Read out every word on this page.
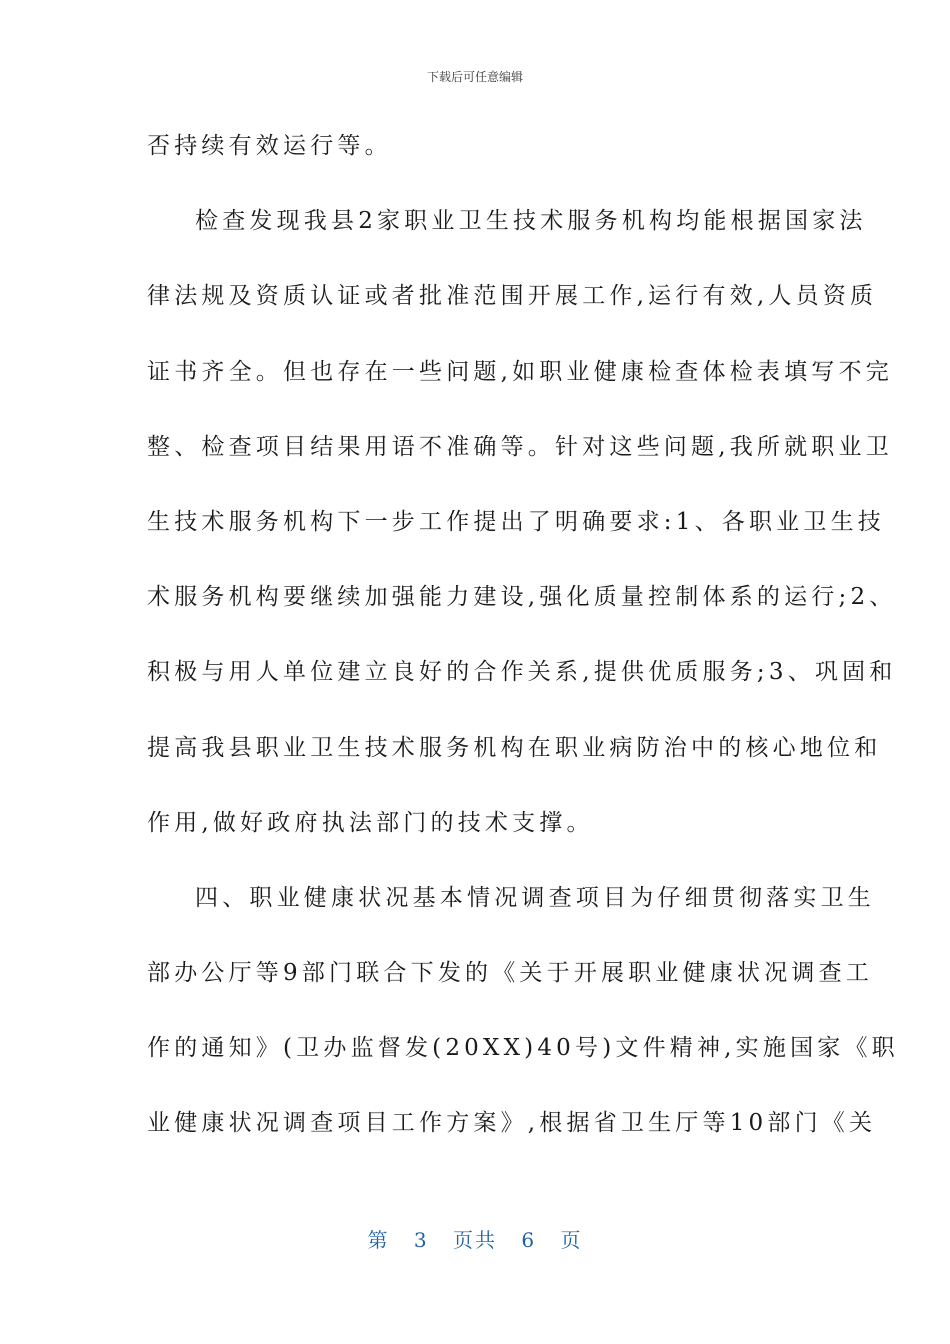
下载后可任意编辑
否持续有效运行等。
检查发现我县2家职业卫生技术服务机构均能根据国家法
律法规及资质认证或者批准范围开展工作,运行有效,人员资质
证书齐全。但也存在一些问题,如职业健康检查体检表填写不完
整、检查项目结果用语不准确等。针对这些问题,我所就职业卫
生技术服务机构下一步工作提出了明确要求:1、各职业卫生技
术服务机构要继续加强能力建设,强化质量控制体系的运行;2、
积极与用人单位建立良好的合作关系,提供优质服务;3、巩固和
提高我县职业卫生技术服务机构在职业病防治中的核心地位和
作用,做好政府执法部门的技术支撑。
四、职业健康状况基本情况调查项目为仔细贯彻落实卫生
部办公厅等9部门联合下发的《关于开展职业健康状况调查工
作的通知》(卫办监督发(20XX)40号)文件精神,实施国家《职
业健康状况调查项目工作方案》,根据省卫生厅等10部门《关
第 3 页共 6 页
